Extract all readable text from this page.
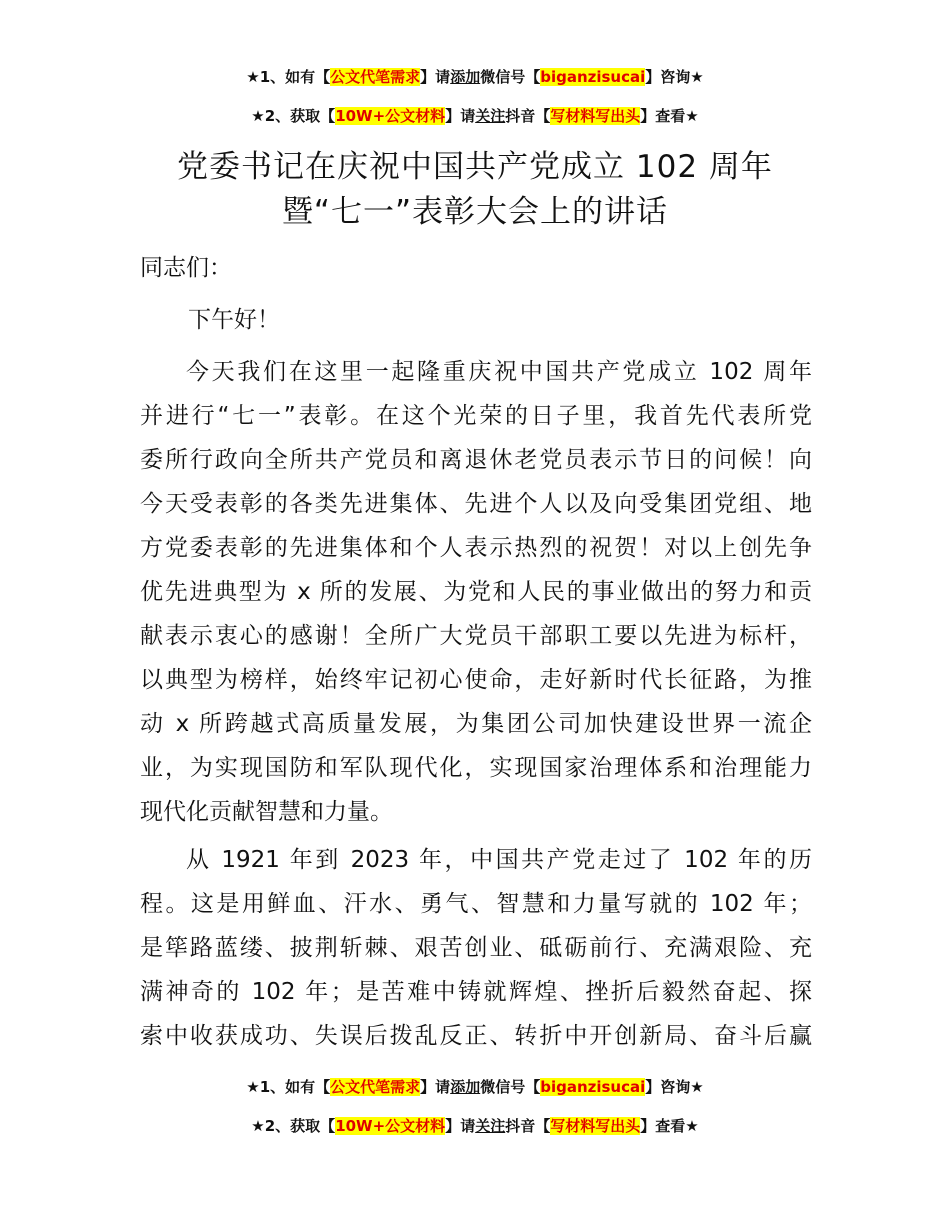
★1、如有【公文代笔需求】请添加微信号【biganzisucai】咨询★
★2、获取【10W+公文材料】请关注抖音【写材料写出头】查看★
党委书记在庆祝中国共产党成立 102 周年
暨“七一”表彰大会上的讲话
同志们：
下午好！
今天我们在这里一起隆重庆祝中国共产党成立 102 周年
并进行“七一”表彰。在这个光荣的日子里，我首先代表所党
委所行政向全所共产党员和离退休老党员表示节日的问候！向
今天受表彰的各类先进集体、先进个人以及向受集团党组、地
方党委表彰的先进集体和个人表示热烈的祝贺！对以上创先争
优先进典型为 x 所的发展、为党和人民的事业做出的努力和贡
献表示衷心的感谢！全所广大党员干部职工要以先进为标杆，
以典型为榜样，始终牢记初心使命，走好新时代长征路，为推
动 x 所跨越式高质量发展，为集团公司加快建设世界一流企
业，为实现国防和军队现代化，实现国家治理体系和治理能力
现代化贡献智慧和力量。
从 1921 年到 2023 年，中国共产党走过了 102 年的历
程。这是用鲜血、汗水、勇气、智慧和力量写就的 102 年；
是筚路蓝缕、披荆斩棘、艰苦创业、砥砺前行、充满艰险、充
满神奇的 102 年；是苦难中铸就辉煌、挫折后毅然奋起、探
索中收获成功、失误后拨乱反正、转折中开创新局、奋斗后赢
★1、如有【公文代笔需求】请添加微信号【biganzisucai】咨询★
★2、获取【10W+公文材料】请关注抖音【写材料写出头】查看★
